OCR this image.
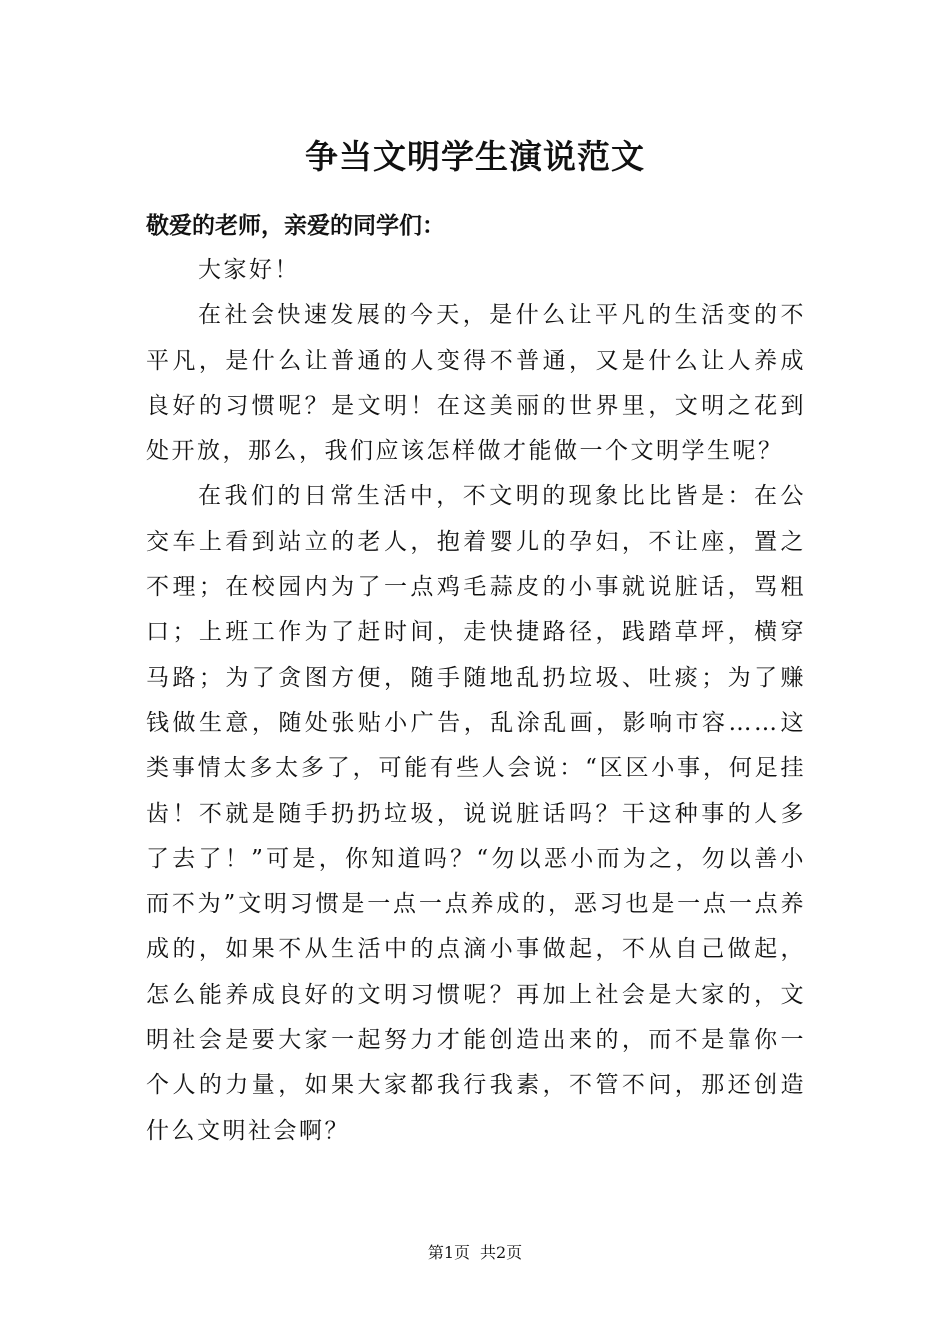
争当文明学生演说范文
敬爱的老师，亲爱的同学们：

大家好！

在社会快速发展的今天，是什么让平凡的生活变的不平凡，是什么让普通的人变得不普通，又是什么让人养成良好的习惯呢？是文明！在这美丽的世界里，文明之花到处开放，那么，我们应该怎样做才能做一个文明学生呢？

在我们的日常生活中，不文明的现象比比皆是：在公交车上看到站立的老人，抱着婴儿的孕妇，不让座，置之不理；在校园内为了一点鸡毛蒜皮的小事就说脏话，骂粗口；上班工作为了赶时间，走快捷路径，践踏草坪，横穿马路；为了贪图方便，随手随地乱扔垃圾、吐痰；为了赚钱做生意，随处张贴小广告，乱涂乱画，影响市容……这类事情太多太多了，可能有些人会说：“区区小事，何足挂齿！不就是随手扔扔垃圾，说说脏话吗？干这种事的人多了去了！”可是，你知道吗？“勿以恶小而为之，勿以善小而不为”文明习惯是一点一点养成的，恶习也是一点一点养成的，如果不从生活中的点滴小事做起，不从自己做起，怎么能养成良好的文明习惯呢？再加上社会是大家的，文明社会是要大家一起努力才能创造出来的，而不是靠你一个人的力量，如果大家都我行我素，不管不问，那还创造什么文明社会啊？

第1页 共2页
